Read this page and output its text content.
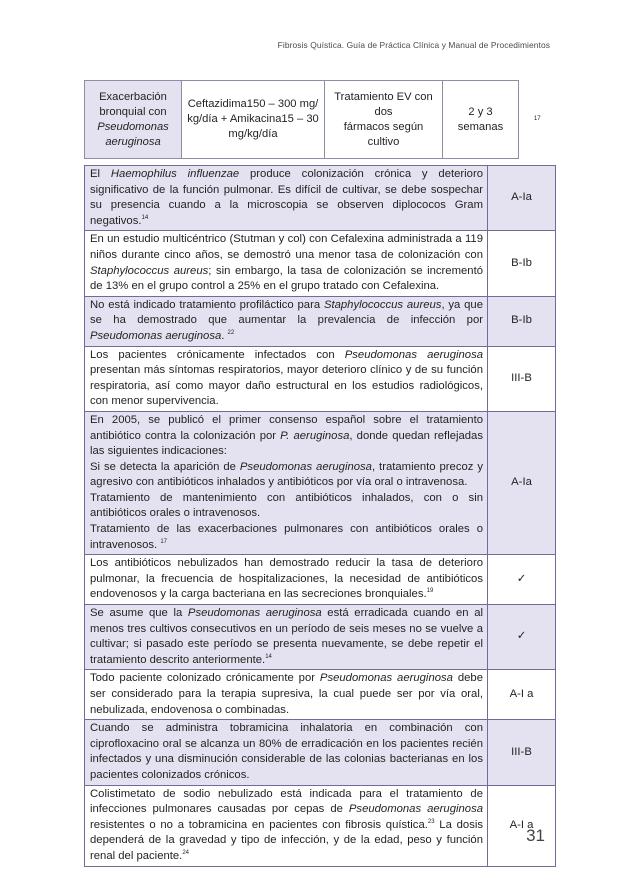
Fibrosis Quística. Guía de Práctica Clínica y Manual de Procedimientos
Exacerbación
bronquial con
Pseudomonas
aeruginosa	Ceftazidima150 – 300 mg/
kg/día + Amikacina15 – 30
mg/kg/día	Tratamiento EV con dos
fármacos según cultivo	2 y 3
semanas	17
El Haemophilus influenzae produce colonización crónica y deterioro significativo de la función pulmonar. Es difícil de cultivar, se debe sospechar su presencia cuando a la microscopia se observen diplococos Gram negativos.$^{14}$	A-Ia
En un estudio multicéntrico (Stutman y col) con Cefalexina administrada a 119 niños durante cinco años, se demostró una menor tasa de colonización con Staphylococcus aureus; sin embargo, la tasa de colonización se incrementó de 13% en el grupo control a 25% en el grupo tratado con Cefalexina.	B-Ib
No está indicado tratamiento profiláctico para Staphylococcus aureus, ya que se ha demostrado que aumentar la prevalencia de infección por Pseudomonas aeruginosa. $^{22}$	B-Ib
Los pacientes crónicamente infectados con Pseudomonas aeruginosa presentan más síntomas respiratorios, mayor deterioro clínico y de su función respiratoria, así como mayor daño estructural en los estudios radiológicos, con menor supervivencia.	III-B
En 2005, se publicó el primer consenso español sobre el tratamiento antibiótico contra la colonización por P. aeruginosa, donde quedan reflejadas las siguientes indicaciones:
Si se detecta la aparición de Pseudomonas aeruginosa, tratamiento precoz y agresivo con antibióticos inhalados y antibióticos por vía oral o intravenosa.
Tratamiento de mantenimiento con antibióticos inhalados, con o sin antibióticos orales o intravenosos.
Tratamiento de las exacerbaciones pulmonares con antibióticos orales o intravenosos. $^{17}$	A-Ia
Los antibióticos nebulizados han demostrado reducir la tasa de deterioro pulmonar, la frecuencia de hospitalizaciones, la necesidad de antibióticos endovenosos y la carga bacteriana en las secreciones bronquiales.$^{19}$	✓
Se asume que la Pseudomonas aeruginosa está erradicada cuando en al menos tres cultivos consecutivos en un período de seis meses no se vuelve a cultivar; si pasado este período se presenta nuevamente, se debe repetir el tratamiento descrito anteriormente.$^{14}$	✓
Todo paciente colonizado crónicamente por Pseudomonas aeruginosa debe ser considerado para la terapia supresiva, la cual puede ser por vía oral, nebulizada, endovenosa o combinadas.	A-I a
Cuando se administra tobramicina inhalatoria en combinación con ciprofloxacino oral se alcanza un 80% de erradicación en los pacientes recién infectados y una disminución considerable de las colonias bacterianas en los pacientes colonizados crónicos.	III-B
Colistimetato de sodio nebulizado está indicada para el tratamiento de infecciones pulmonares causadas por cepas de Pseudomonas aeruginosa resistentes o no a tobramicina en pacientes con fibrosis quística.$^{23}$ La dosis dependerá de la gravedad y tipo de infección, y de la edad, peso y función renal del paciente.$^{24}$	A-I a
31
